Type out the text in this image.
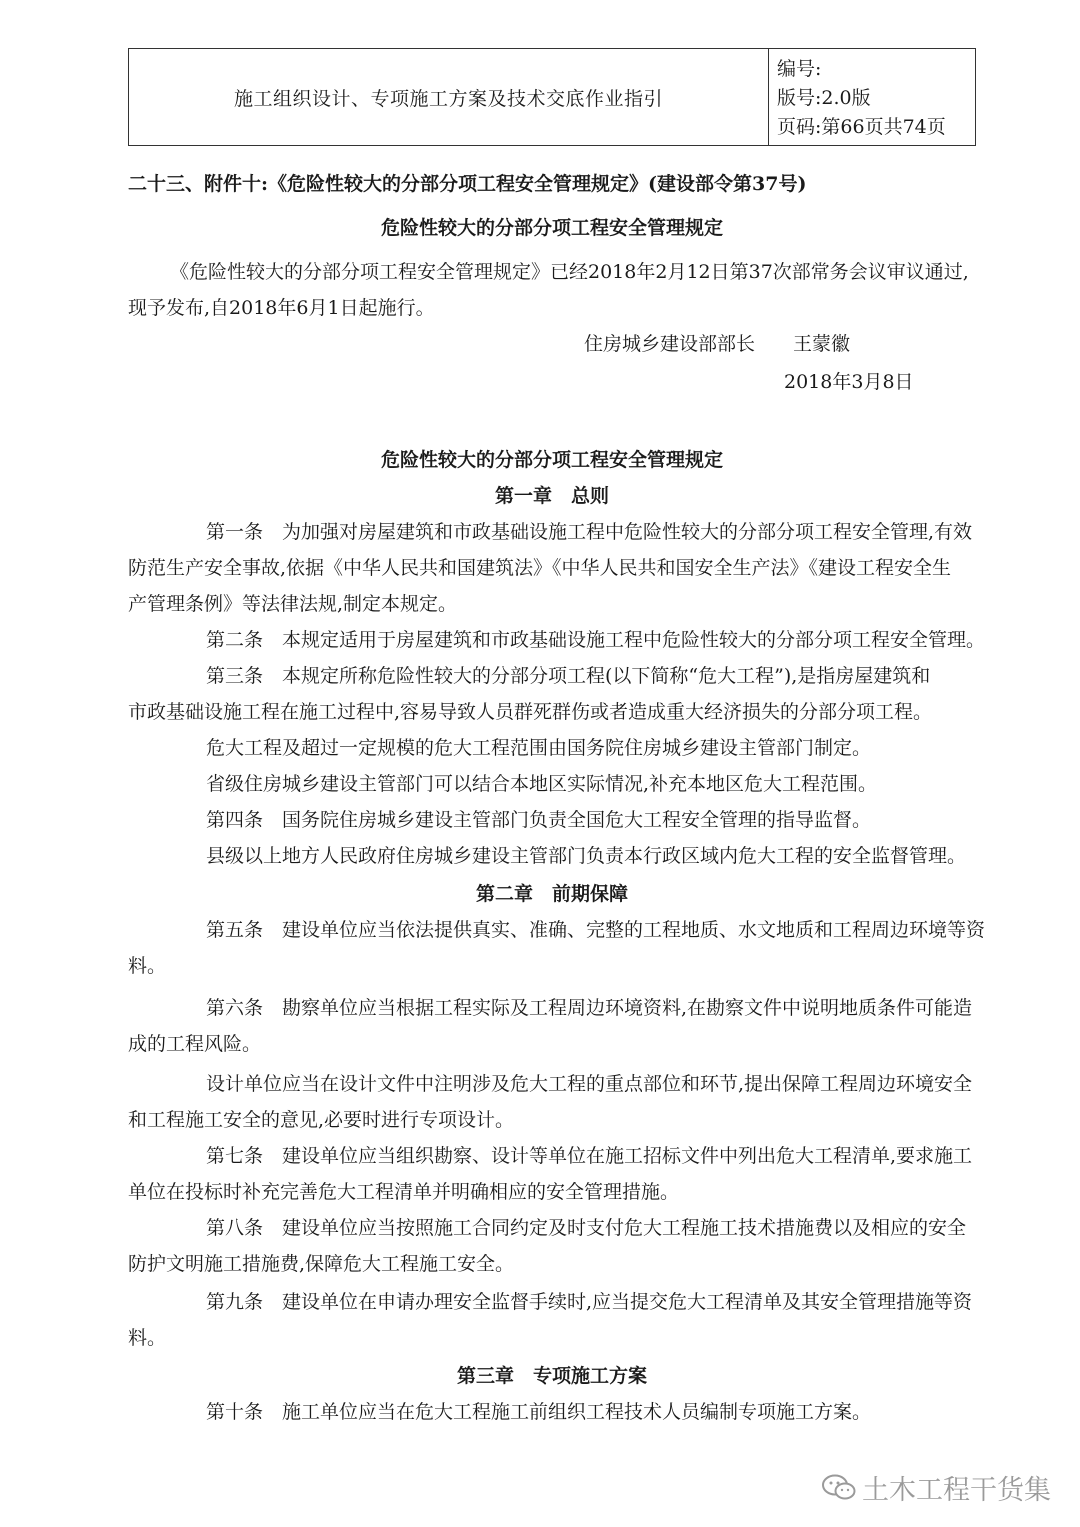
施工组织设计、专项施工方案及技术交底作业指引
编号:
版号:2.0版
页码:第66页共74页
二十三、附件十:《危险性较大的分部分项工程安全管理规定》(建设部令第37号)
危险性较大的分部分项工程安全管理规定
《危险性较大的分部分项工程安全管理规定》已经2018年2月12日第37次部常务会议审议通过,
现予发布,自2018年6月1日起施行。
住房城乡建设部部长　　王蒙徽
2018年3月8日
危险性较大的分部分项工程安全管理规定
第一章　总则
第一条　为加强对房屋建筑和市政基础设施工程中危险性较大的分部分项工程安全管理,有效
防范生产安全事故,依据《中华人民共和国建筑法》《中华人民共和国安全生产法》《建设工程安全生
产管理条例》等法律法规,制定本规定。
第二条　本规定适用于房屋建筑和市政基础设施工程中危险性较大的分部分项工程安全管理。
第三条　本规定所称危险性较大的分部分项工程(以下简称“危大工程”),是指房屋建筑和
市政基础设施工程在施工过程中,容易导致人员群死群伤或者造成重大经济损失的分部分项工程。
危大工程及超过一定规模的危大工程范围由国务院住房城乡建设主管部门制定。
省级住房城乡建设主管部门可以结合本地区实际情况,补充本地区危大工程范围。
第四条　国务院住房城乡建设主管部门负责全国危大工程安全管理的指导监督。
县级以上地方人民政府住房城乡建设主管部门负责本行政区域内危大工程的安全监督管理。
第二章　前期保障
第五条　建设单位应当依法提供真实、准确、完整的工程地质、水文地质和工程周边环境等资
料。
第六条　勘察单位应当根据工程实际及工程周边环境资料,在勘察文件中说明地质条件可能造
成的工程风险。
设计单位应当在设计文件中注明涉及危大工程的重点部位和环节,提出保障工程周边环境安全
和工程施工安全的意见,必要时进行专项设计。
第七条　建设单位应当组织勘察、设计等单位在施工招标文件中列出危大工程清单,要求施工
单位在投标时补充完善危大工程清单并明确相应的安全管理措施。
第八条　建设单位应当按照施工合同约定及时支付危大工程施工技术措施费以及相应的安全
防护文明施工措施费,保障危大工程施工安全。
第九条　建设单位在申请办理安全监督手续时,应当提交危大工程清单及其安全管理措施等资
料。
第三章　专项施工方案
第十条　施工单位应当在危大工程施工前组织工程技术人员编制专项施工方案。
土木工程干货集
